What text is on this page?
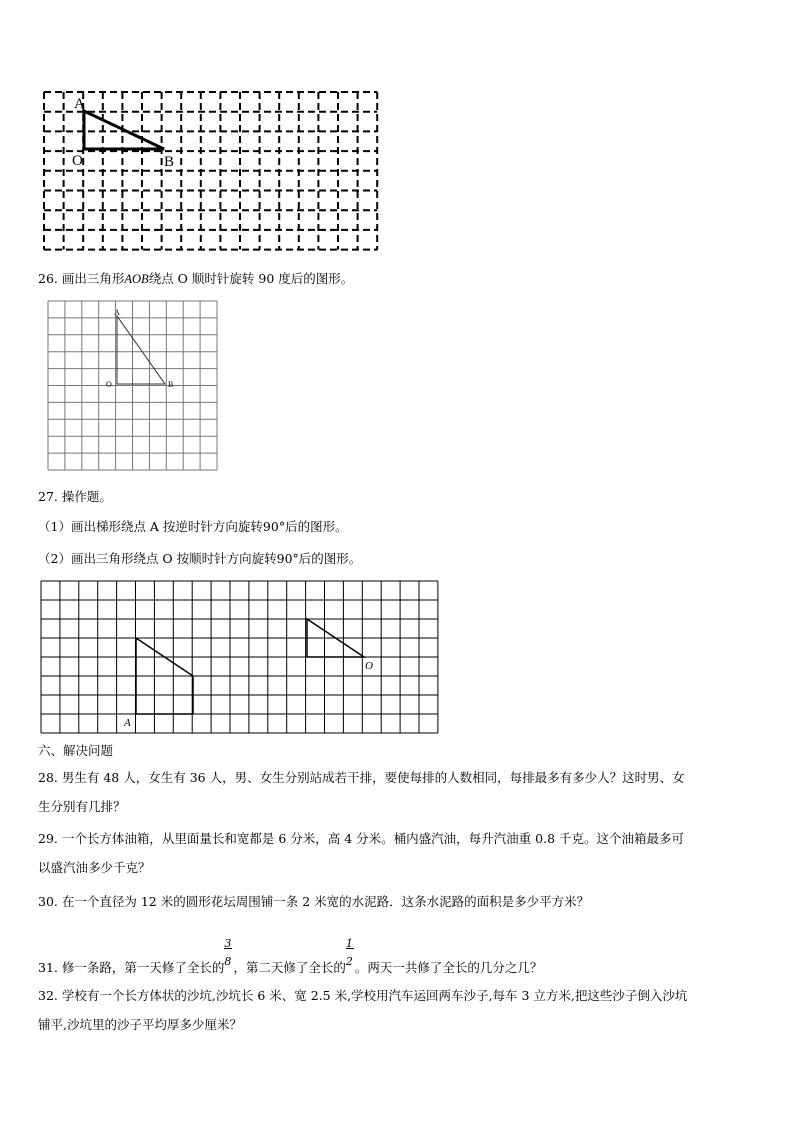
A
O	B
26. 画出三角形AOB绕点 O 顺时针旋转 90 度后的图形。
A
O	B
27. 操作题。
（1）画出梯形绕点 A 按逆时针方向旋转90°后的图形。
（2）画出三角形绕点 O 按顺时针方向旋转90°后的图形。
A
O
六、解决问题
28. 男生有 48 人，女生有 36 人，男、女生分别站成若干排，要使每排的人数相同，每排最多有多少人？这时男、女
生分别有几排？
29. 一个长方体油箱，从里面量长和宽都是 6 分米，高 4 分米。桶内盛汽油，每升汽油重 0.8 千克。这个油箱最多可
以盛汽油多少千克？
30. 在一个直径为 12 米的圆形花坛周围铺一条 2 米宽的水泥路．这条水泥路的面积是多少平方米？
31. 修一条路，第一天修了全长的 $\frac{3}{8}$ ，第二天修了全长的 $\frac{1}{2}$ 。两天一共修了全长的几分之几？
32. 学校有一个长方体状的沙坑,沙坑长 6 米、宽 2.5 米,学校用汽车运回两车沙子,每车 3 立方米,把这些沙子倒入沙坑
铺平,沙坑里的沙子平均厚多少厘米？
